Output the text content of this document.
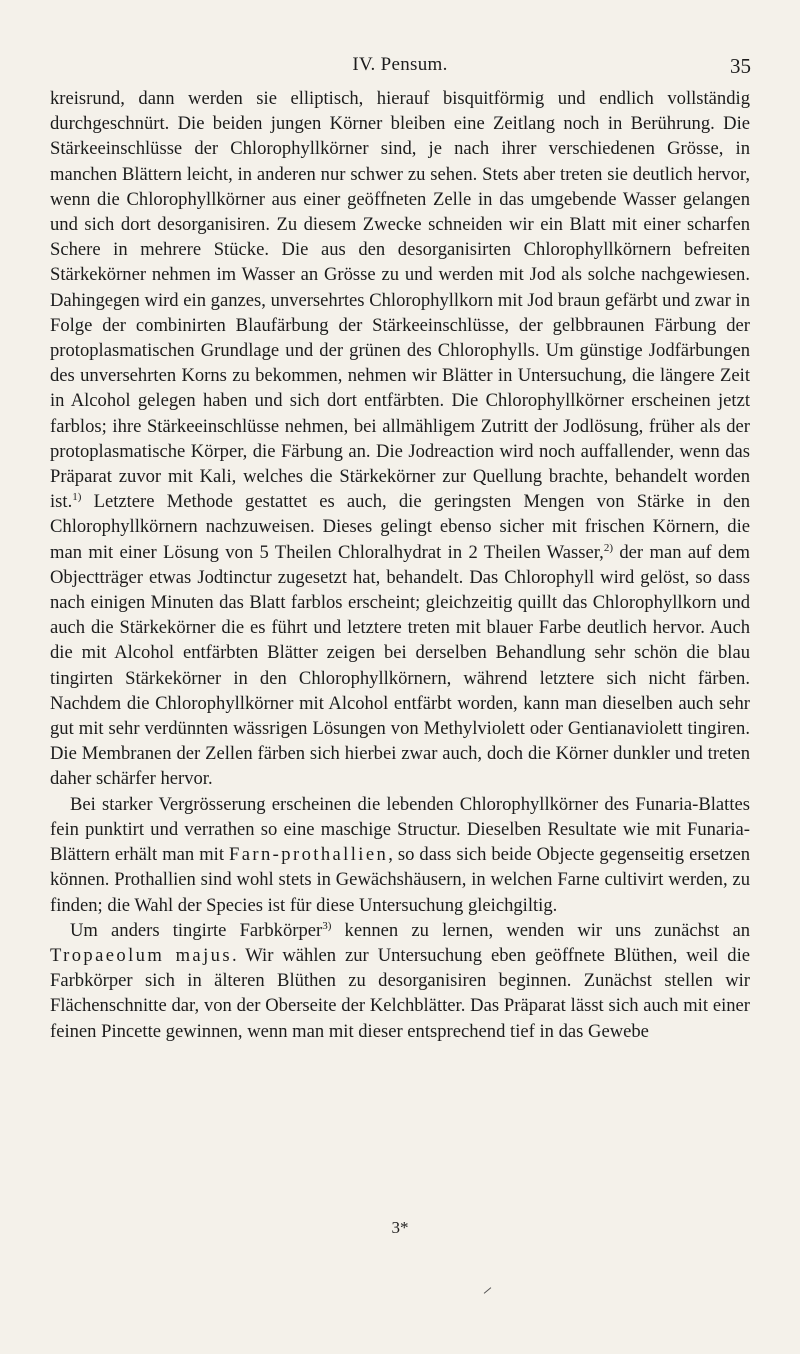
IV. Pensum.	35

kreisrund, dann werden sie elliptisch, hierauf bisquitförmig und endlich vollständig durchgeschnürt. Die beiden jungen Körner bleiben eine Zeitlang noch in Berührung. Die Stärkeeinschlüsse der Chlorophyllkörner sind, je nach ihrer verschiedenen Grösse, in manchen Blättern leicht, in anderen nur schwer zu sehen. Stets aber treten sie deutlich hervor, wenn die Chlorophyllkörner aus einer geöffneten Zelle in das umgebende Wasser gelangen und sich dort desorganisiren. Zu diesem Zwecke schneiden wir ein Blatt mit einer scharfen Schere in mehrere Stücke. Die aus den desorganisirten Chlorophyllkörnern befreiten Stärkekörner nehmen im Wasser an Grösse zu und werden mit Jod als solche nachgewiesen. Dahingegen wird ein ganzes, unversehrtes Chlorophyllkorn mit Jod braun gefärbt und zwar in Folge der combinirten Blaufärbung der Stärkeeinschlüsse, der gelbbraunen Färbung der protoplasmatischen Grundlage und der grünen des Chlorophylls. Um günstige Jodfärbungen des unversehrten Korns zu bekommen, nehmen wir Blätter in Untersuchung, die längere Zeit in Alcohol gelegen haben und sich dort entfärbten. Die Chlorophyllkörner erscheinen jetzt farblos; ihre Stärkeeinschlüsse nehmen, bei allmähligem Zutritt der Jodlösung, früher als der protoplasmatische Körper, die Färbung an. Die Jodreaction wird noch auffallender, wenn das Präparat zuvor mit Kali, welches die Stärkekörner zur Quellung brachte, behandelt worden ist.$^{1)}$ Letztere Methode gestattet es auch, die geringsten Mengen von Stärke in den Chlorophyllkörnern nachzuweisen. Dieses gelingt ebenso sicher mit frischen Körnern, die man mit einer Lösung von 5 Theilen Chloralhydrat in 2 Theilen Wasser,$^{2)}$ der man auf dem Objectträger etwas Jodtinctur zugesetzt hat, behandelt. Das Chlorophyll wird gelöst, so dass nach einigen Minuten das Blatt farblos erscheint; gleichzeitig quillt das Chlorophyllkorn und auch die Stärkekörner die es führt und letztere treten mit blauer Farbe deutlich hervor. Auch die mit Alcohol entfärbten Blätter zeigen bei derselben Behandlung sehr schön die blau tingirten Stärkekörner in den Chlorophyllkörnern, während letztere sich nicht färben. Nachdem die Chlorophyllkörner mit Alcohol entfärbt worden, kann man dieselben auch sehr gut mit sehr verdünnten wässrigen Lösungen von Methylviolett oder Gentianaviolett tingiren. Die Membranen der Zellen färben sich hierbei zwar auch, doch die Körner dunkler und treten daher schärfer hervor.

Bei starker Vergrösserung erscheinen die lebenden Chlorophyllkörner des Funaria-Blattes fein punktirt und verrathen so eine maschige Structur. Dieselben Resultate wie mit Funaria-Blättern erhält man mit Farn-prothallien, so dass sich beide Objecte gegenseitig ersetzen können. Prothallien sind wohl stets in Gewächshäusern, in welchen Farne cultivirt werden, zu finden; die Wahl der Species ist für diese Untersuchung gleichgiltig.

Um anders tingirte Farbkörper$^{3)}$ kennen zu lernen, wenden wir uns zunächst an Tropaeolum majus. Wir wählen zur Untersuchung eben geöffnete Blüthen, weil die Farbkörper sich in älteren Blüthen zu desorganisiren beginnen. Zunächst stellen wir Flächenschnitte dar, von der Oberseite der Kelchblätter. Das Präparat lässt sich auch mit einer feinen Pincette gewinnen, wenn man mit dieser entsprechend tief in das Gewebe

3*
